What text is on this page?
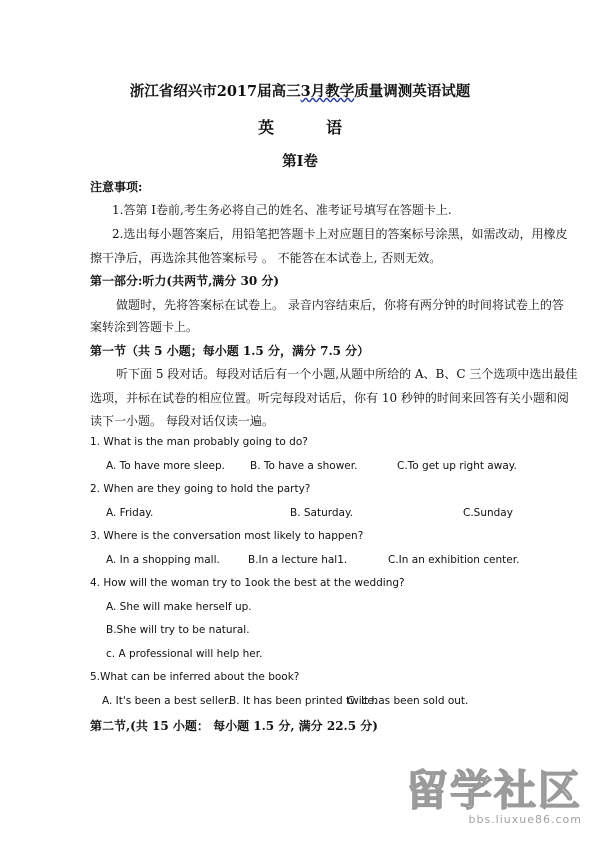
浙江省绍兴市2017届高三3月教学质量调测英语试题
英	语
第Ⅰ卷
注意事项:
1.答第 Ⅰ卷前,考生务必将自己的姓名、准考证号填写在答题卡上.
2.选出每小题答案后，用铅笔把答题卡上对应题目的答案标号涂黑，如需改动，用橡皮
擦干净后，再选涂其他答案标号 。 不能答在本试卷上, 否则无效。
第一部分:听力(共两节,满分 30 分)
做题时，先将答案标在试卷上。 录音内容结束后，你将有两分钟的时间将试卷上的答
案转涂到答题卡上。
第一节（共 5 小题；每小题 1.5 分，满分 7.5 分）
听下面 5 段对话。每段对话后有一个小题,从题中所给的 A、B、C 三个选项中选出最佳
选项，并标在试卷的相应位置。听完每段对话后，你有 10 秒钟的时间来回答有关小题和阅
读下一小题。 每段对话仅读一遍。
1. What is the man probably going to do?
A. To have more sleep. B. To have a shower.	C.To get up right away.
2. When are they going to hold the party?
A. Friday.	B. Saturday.	C.Sunday
3. Where is the conversation most likely to happen?
A. In a shopping mall.	B.In a lecture hal1.	C.In an exhibition center.
4. How will the woman try to 1ook the best at the wedding?
A. She will make herself up.
B.She will try to be natural.
c. A professional will help her.
5.What can be inferred about the book?
A. It's been a best seller.
B. It has been printed twice.
C. It has been sold out.
第二节,(共 15 小题： 每小题 1.5 分, 满分 22.5 分)
留学社区
bbs.liuxue86.com
